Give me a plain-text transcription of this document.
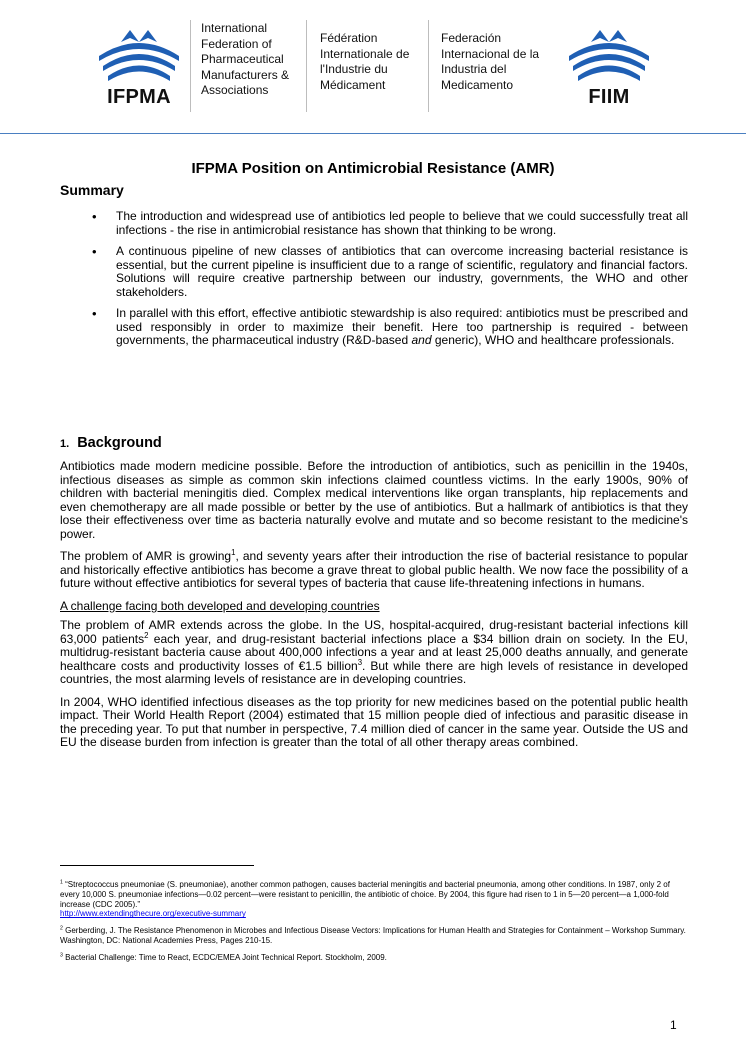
IFPMA
International
Federation of
Pharmaceutical
Manufacturers &
Associations
Fédération
Internationale de
l'Industrie du
Médicament
Federación
Internacional de la
Industria del
Medicamento
FIIM
IFPMA Position on Antimicrobial Resistance (AMR)
Summary
• The introduction and widespread use of antibiotics led people to believe that we could successfully treat all infections - the rise in antimicrobial resistance has shown that thinking to be wrong.
• A continuous pipeline of new classes of antibiotics that can overcome increasing bacterial resistance is essential, but the current pipeline is insufficient due to a range of scientific, regulatory and financial factors. Solutions will require creative partnership between our industry, governments, the WHO and other stakeholders.
• In parallel with this effort, effective antibiotic stewardship is also required: antibiotics must be prescribed and used responsibly in order to maximize their benefit. Here too partnership is required - between governments, the pharmaceutical industry (R&D-based and generic), WHO and healthcare professionals.
1. Background

Antibiotics made modern medicine possible. Before the introduction of antibiotics, such as penicillin in the 1940s, infectious diseases as simple as common skin infections claimed countless victims. In the early 1900s, 90% of children with bacterial meningitis died. Complex medical interventions like organ transplants, hip replacements and even chemotherapy are all made possible or better by the use of antibiotics. But a hallmark of antibiotics is that they lose their effectiveness over time as bacteria naturally evolve and mutate and so become resistant to the medicine's power.

The problem of AMR is growing$^1$, and seventy years after their introduction the rise of bacterial resistance to popular and historically effective antibiotics has become a grave threat to global public health. We now face the possibility of a future without effective antibiotics for several types of bacteria that cause life-threatening infections in humans.

A challenge facing both developed and developing countries

The problem of AMR extends across the globe. In the US, hospital-acquired, drug-resistant bacterial infections kill 63,000 patients$^2$ each year, and drug-resistant bacterial infections place a $34 billion drain on society. In the EU, multidrug-resistant bacteria cause about 400,000 infections a year and at least 25,000 deaths annually, and generate healthcare costs and productivity losses of €1.5 billion$^3$. But while there are high levels of resistance in developed countries, the most alarming levels of resistance are in developing countries.

In 2004, WHO identified infectious diseases as the top priority for new medicines based on the potential public health impact. Their World Health Report (2004) estimated that 15 million people died of infectious and parasitic disease in the preceding year. To put that number in perspective, 7.4 million died of cancer in the same year. Outside the US and EU the disease burden from infection is greater than the total of all other therapy areas combined.

$^1$ “Streptococcus pneumoniae (S. pneumoniae), another common pathogen, causes bacterial meningitis and bacterial pneumonia, among other conditions. In 1987, only 2 of every 10,000 S. pneumoniae infections—0.02 percent—were resistant to penicillin, the antibiotic of choice. By 2004, this figure had risen to 1 in 5—20 percent—a 1,000-fold increase (CDC 2005).”
http://www.extendingthecure.org/executive-summary

$^2$ Gerberding, J. The Resistance Phenomenon in Microbes and Infectious Disease Vectors: Implications for Human Health and Strategies for Containment – Workshop Summary. Washington, DC: National Academies Press, Pages 210-15.

$^3$ Bacterial Challenge: Time to React, ECDC/EMEA Joint Technical Report. Stockholm, 2009.

1
